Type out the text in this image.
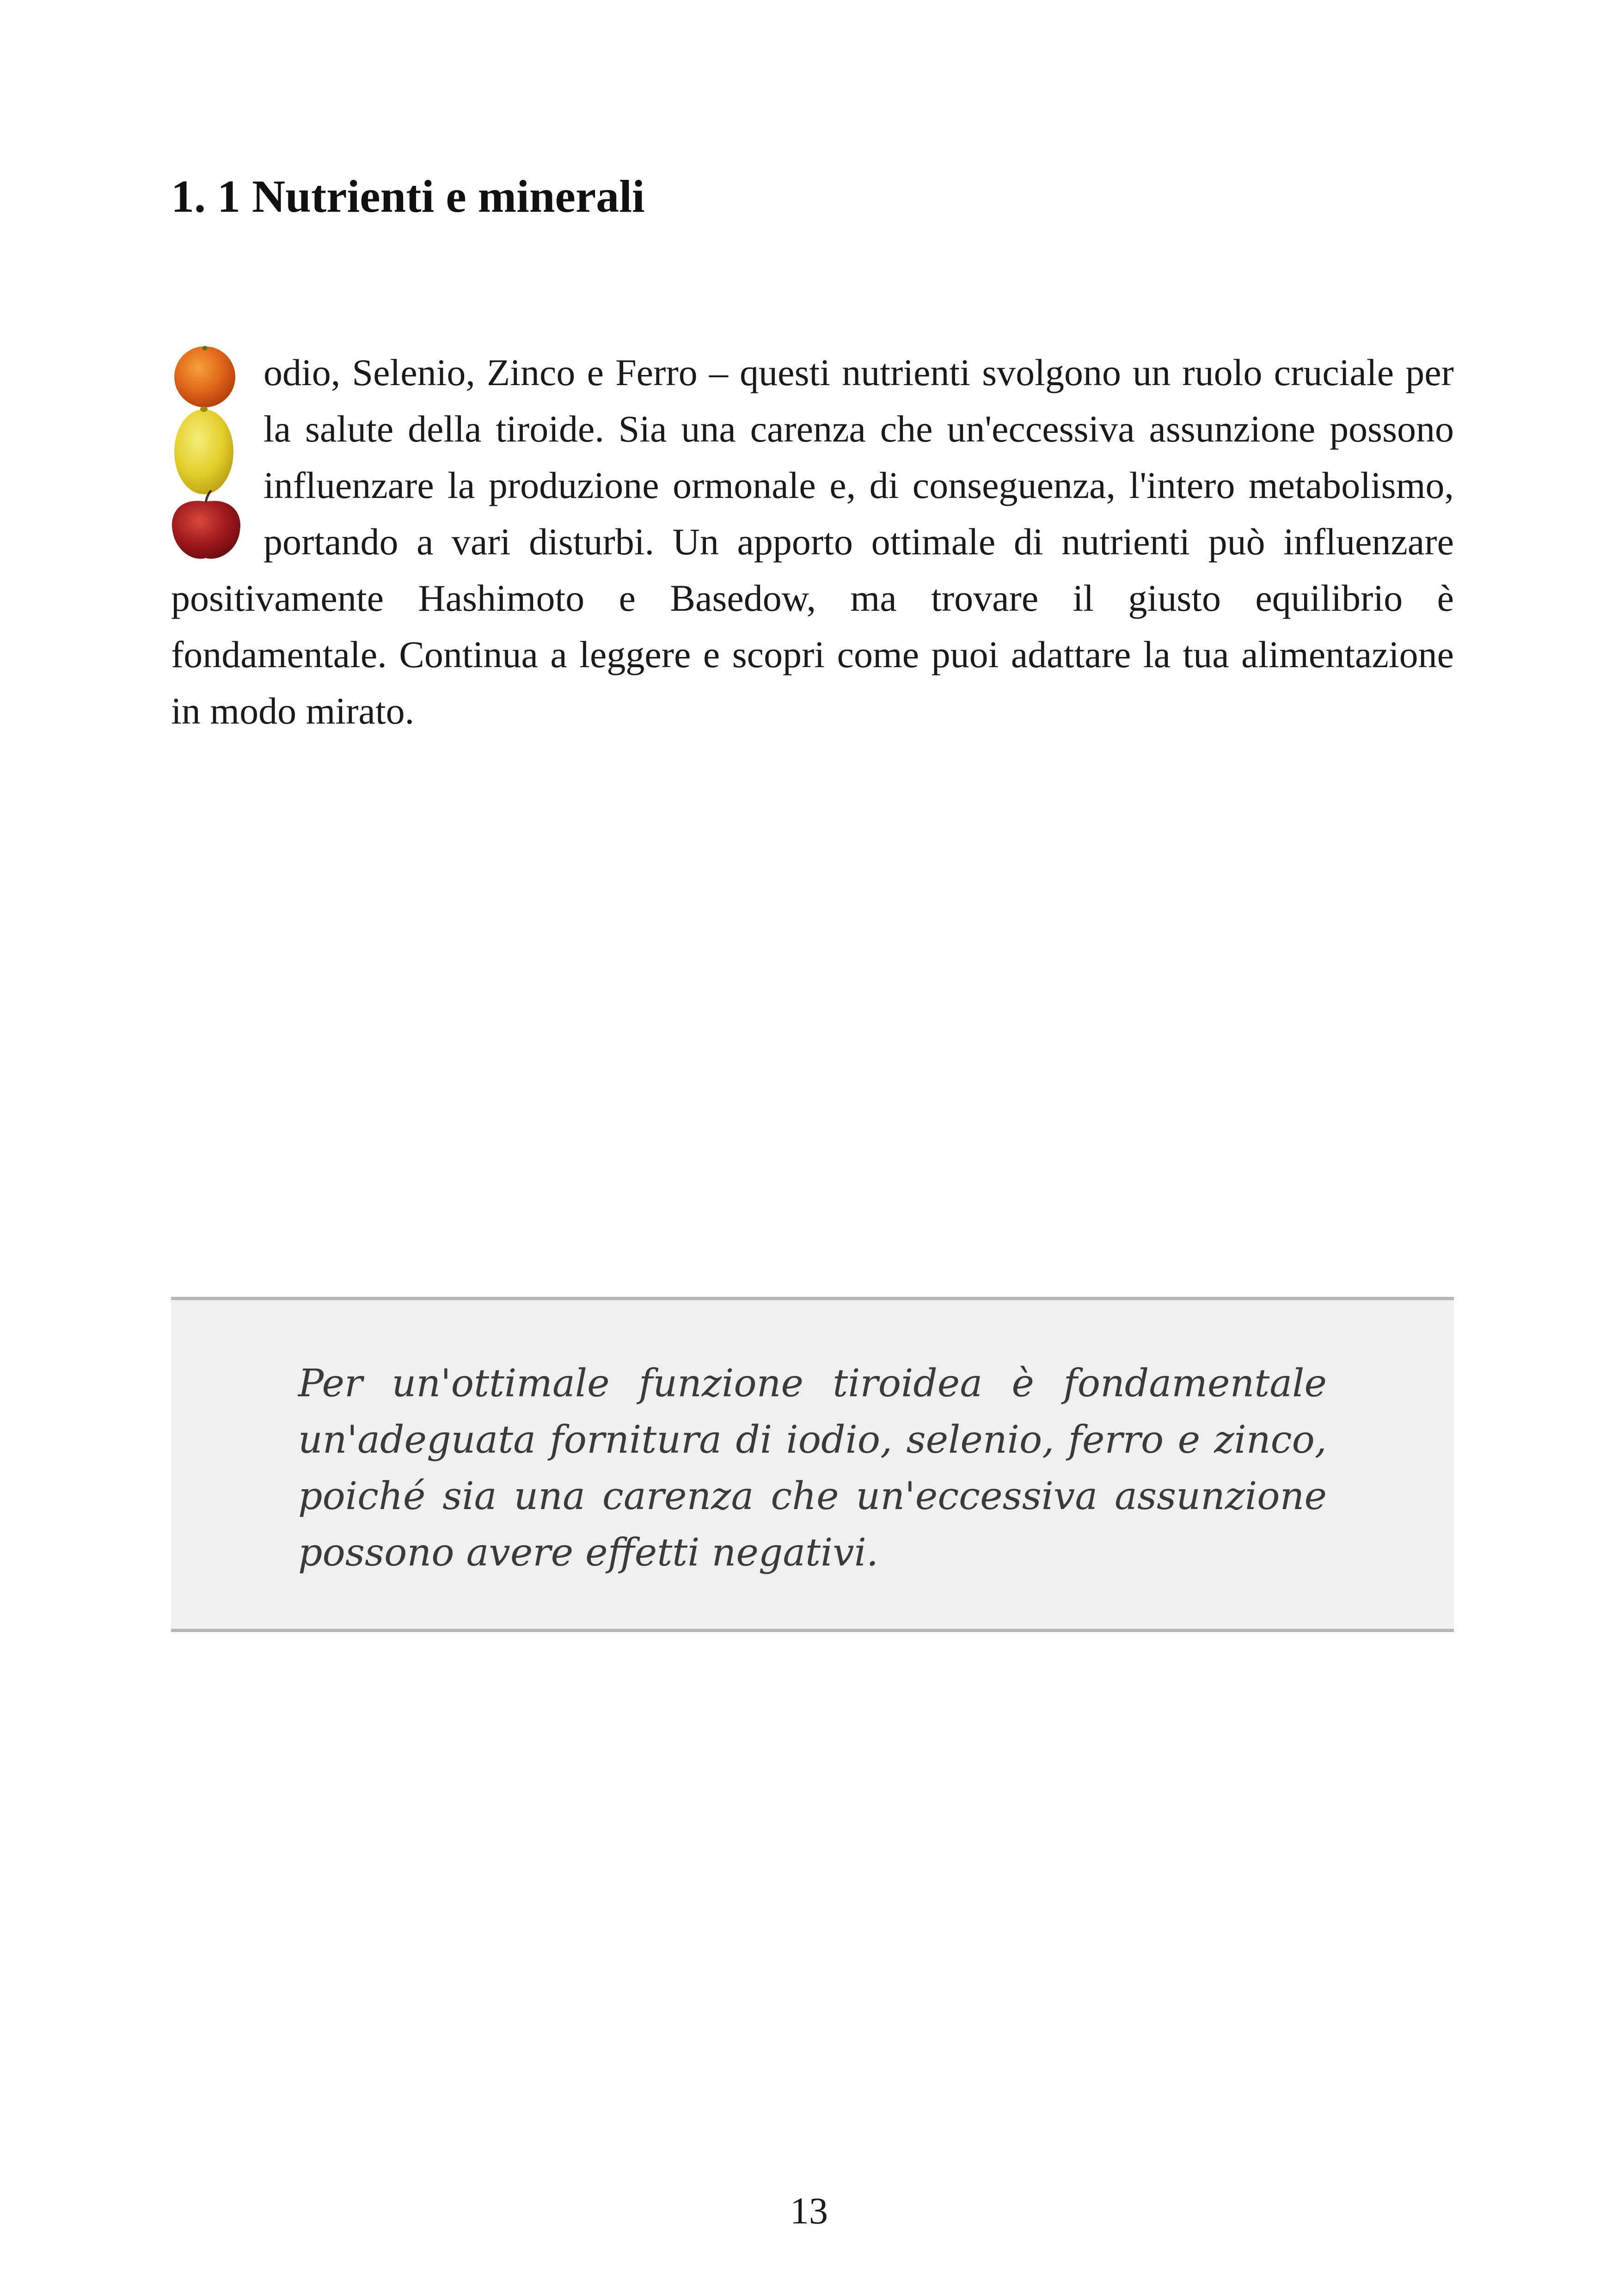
1. 1 Nutrienti e minerali

odio, Selenio, Zinco e Ferro – questi nutrienti svolgono un ruolo cruciale per la salute della tiroide. Sia una carenza che un'eccessiva assunzione possono influenzare la produzione ormonale e, di conseguenza, l'intero metabolismo, portando a vari disturbi. Un apporto ottimale di nutrienti può influenzare positivamente Hashimoto e Basedow, ma trovare il giusto equilibrio è fondamentale. Continua a leggere e scopri come puoi adattare la tua alimentazione in modo mirato.

Per un'ottimale funzione tiroidea è fondamentale un'adeguata fornitura di iodio, selenio, ferro e zinco, poiché sia una carenza che un'eccessiva assunzione possono avere effetti negativi.

13
